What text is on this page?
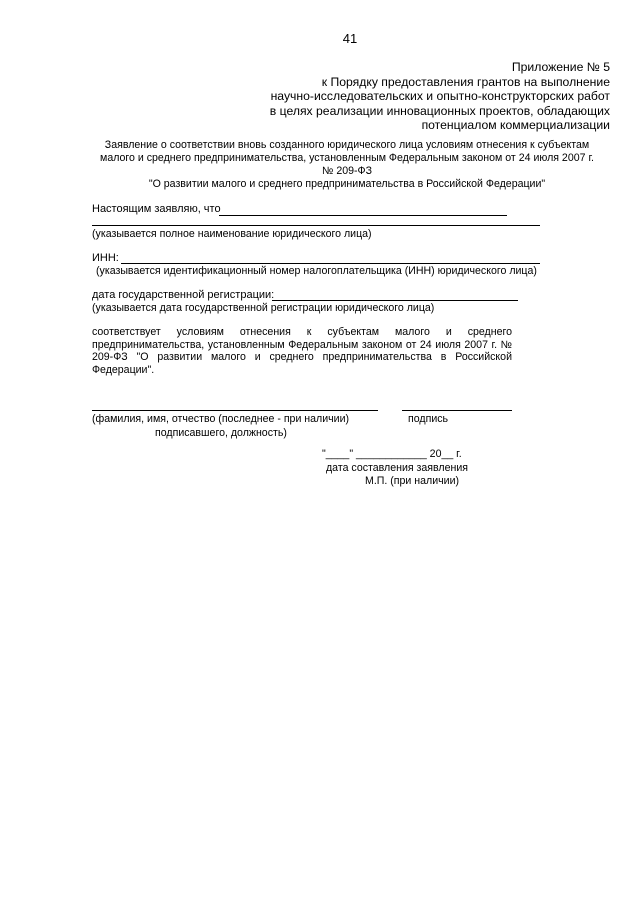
41
Приложение № 5
к Порядку предоставления грантов на выполнение
научно-исследовательских и опытно-конструкторских работ
в целях реализации инновационных проектов, обладающих
потенциалом коммерциализации
Заявление о соответствии вновь созданного юридического лица условиям отнесения к субъектам
малого и среднего предпринимательства, установленным Федеральным законом от 24 июля 2007 г.
№ 209-ФЗ
"О развитии малого и среднего предпринимательства в Российской Федерации"
Настоящим заявляю, что
(указывается полное наименование юридического лица)
ИНН:
(указывается идентификационный номер налогоплательщика (ИНН) юридического лица)
дата государственной регистрации:
(указывается дата государственной регистрации юридического лица)
соответствует условиям отнесения к субъектам малого и среднего предпринимательства, установленным Федеральным законом от 24 июля 2007 г. № 209-ФЗ "О развитии малого и среднего предпринимательства в Российской Федерации".
(фамилия, имя, отчество (последнее - при наличии)	подпись
подписавшего, должность)
"____" ____________ 20__ г.
дата составления заявления
М.П. (при наличии)
